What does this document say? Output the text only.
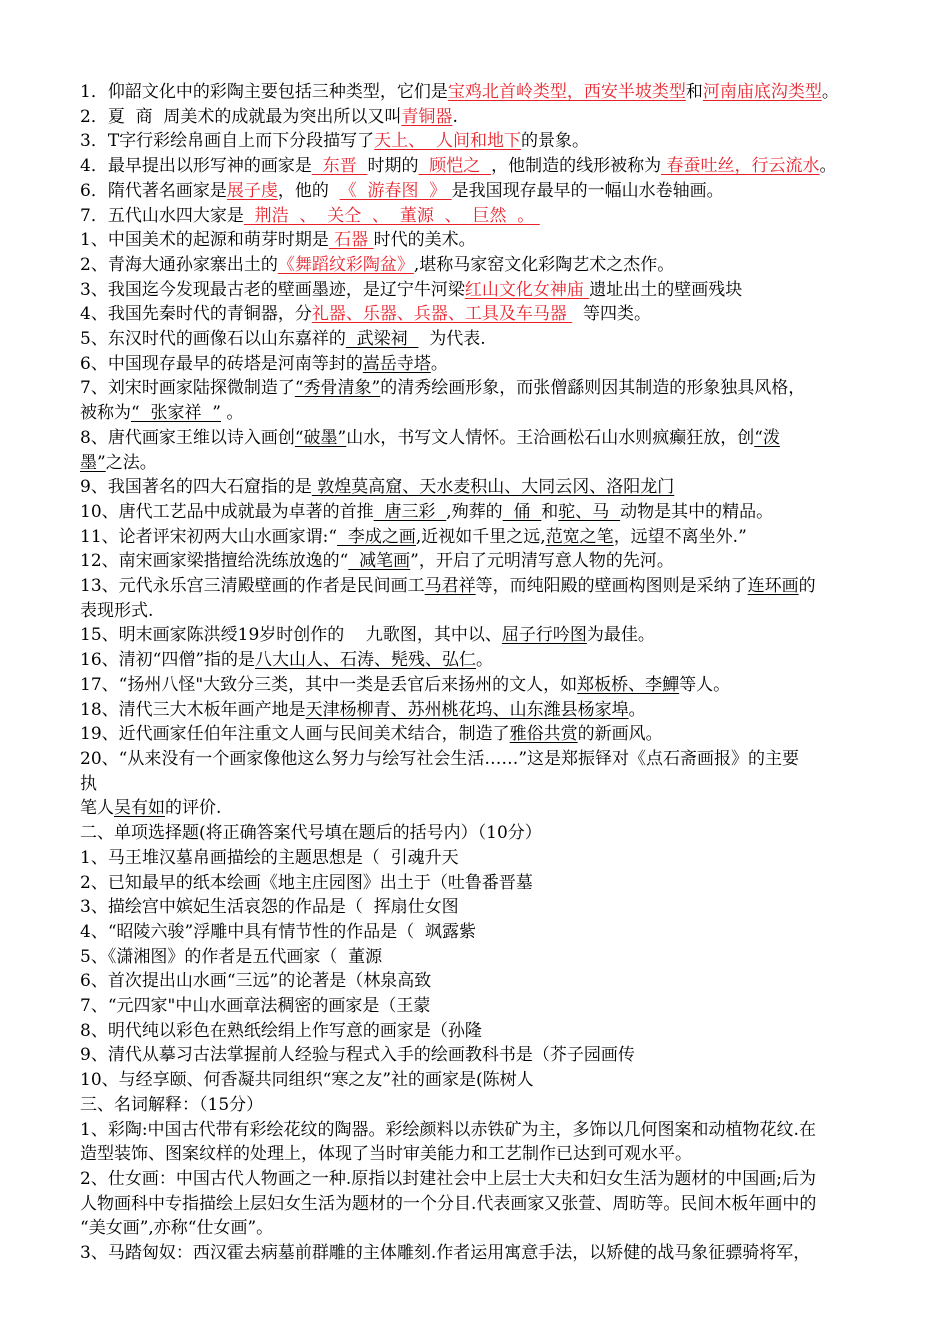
1．仰韶文化中的彩陶主要包括三种类型，它们是宝鸡北首岭类型，西安半坡类型和河南庙底沟类型。
2．夏  商  周美术的成就最为突出所以又叫青铜器.
3．T字行彩绘帛画自上而下分段描写了天上、  人间和地下的景象。
4．最早提出以形写神的画家是  东晋  时期的  顾恺之  ，他制造的线形被称为 春蚕吐丝，行云流水。
6．隋代著名画家是展子虔，他的  《  游春图  》 是我国现存最早的一幅山水卷轴画。
7．五代山水四大家是  荆浩  、  关仝  、  董源  、  巨然  。
1、中国美术的起源和萌芽时期是 石器 时代的美术。
2、青海大通孙家寨出土的《舞蹈纹彩陶盆》,堪称马家窑文化彩陶艺术之杰作。
3、我国迄今发现最古老的壁画墨迹，是辽宁牛河梁红山文化女神庙 遗址出土的壁画残块
4、我国先秦时代的青铜器，分礼器、乐器、兵器、工具及车马器   等四类。
5、东汉时代的画像石以山东嘉祥的  武梁祠    为代表.
6、中国现存最早的砖塔是河南等封的嵩岳寺塔。
7、刘宋时画家陆探微制造了“秀骨清象”的清秀绘画形象，而张僧繇则因其制造的形象独具风格，
被称为“  张家祥  ” 。
8、唐代画家王维以诗入画创“破墨”山水，书写文人情怀。王洽画松石山水则疯癫狂放，创“泼
墨”之法。
9、我国著名的四大石窟指的是 敦煌莫高窟、天水麦积山、大同云冈、洛阳龙门
10、唐代工艺品中成就最为卓著的首推  唐三彩  ,殉葬的  俑  和驼、马  动物是其中的精品。
11、论者评宋初两大山水画家谓:“  李成之画,近视如千里之远,范宽之笔，远望不离坐外.”
12、南宋画家梁揩擅给洗练放逸的“  减笔画”，开启了元明清写意人物的先河。
13、元代永乐宫三清殿壁画的作者是民间画工马君祥等，而纯阳殿的壁画构图则是采纳了连环画的
表现形式.
15、明末画家陈洪绶19岁时创作的    九歌图，其中以、屈子行吟图为最佳。
16、清初“四僧”指的是八大山人、石涛、髡残、弘仁。
17、“扬州八怪"大致分三类，其中一类是丢官后来扬州的文人，如郑板桥、李鱓等人。
18、清代三大木板年画产地是天津杨柳青、苏州桃花坞、山东潍县杨家埠。
19、近代画家任伯年注重文人画与民间美术结合，制造了雅俗共赏的新画风。
20、“从来没有一个画家像他这么努力与绘写社会生活……”这是郑振铎对《点石斋画报》的主要
执
笔人吴有如的评价.
二、单项选择题(将正确答案代号填在题后的括号内）（10分）
1、马王堆汉墓帛画描绘的主题思想是（  引魂升天
2、已知最早的纸本绘画《地主庄园图》出土于（吐鲁番晋墓
3、描绘宫中嫔妃生活哀怨的作品是（  挥扇仕女图
4、“昭陵六骏”浮雕中具有情节性的作品是（  飒露紫
5、《潇湘图》的作者是五代画家（  董源
6、首次提出山水画“三远”的论著是（林泉高致
7、“元四家"中山水画章法稠密的画家是（王蒙
8、明代纯以彩色在熟纸绘绢上作写意的画家是（孙隆
9、清代从摹习古法掌握前人经验与程式入手的绘画教科书是（芥子园画传
10、与经享颐、何香凝共同组织“寒之友”社的画家是(陈树人
三、名词解释：（15分）
1、彩陶:中国古代带有彩绘花纹的陶器。彩绘颜料以赤铁矿为主，多饰以几何图案和动植物花纹.在
造型装饰、图案纹样的处理上，体现了当时审美能力和工艺制作已达到可观水平。
2、仕女画：中国古代人物画之一种.原指以封建社会中上层士大夫和妇女生活为题材的中国画;后为
人物画科中专指描绘上层妇女生活为题材的一个分目.代表画家又张萱、周昉等。民间木板年画中的
“美女画”,亦称“仕女画”。
3、马踏匈奴：西汉霍去病墓前群雕的主体雕刻.作者运用寓意手法，以矫健的战马象征骠骑将军，
